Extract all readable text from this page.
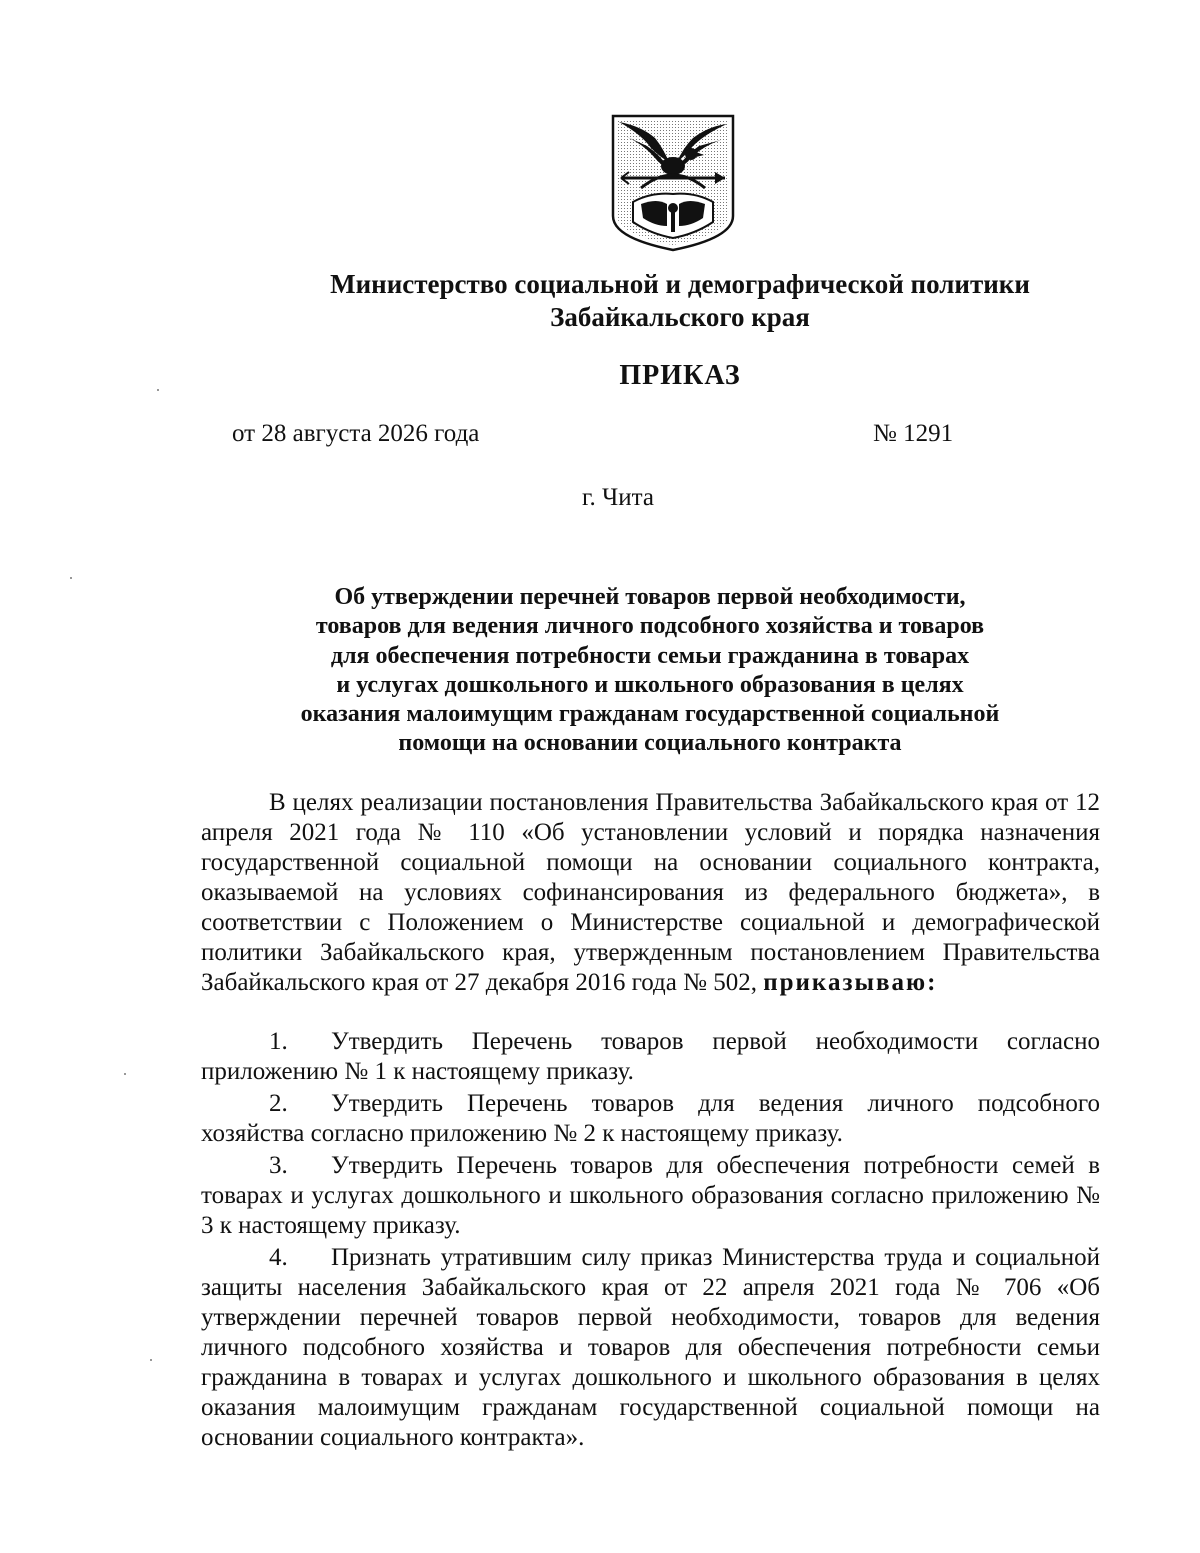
Министерство социальной и демографической политики
Забайкальского края
ПРИКАЗ
от 28 августа 2026 года	№ 1291
г. Чита
Об утверждении перечней товаров первой необходимости,
товаров для ведения личного подсобного хозяйства и товаров
для обеспечения потребности семьи гражданина в товарах
и услугах дошкольного и школьного образования в целях
оказания малоимущим гражданам государственной социальной
помощи на основании социального контракта

В целях реализации постановления Правительства Забайкальского края от 12 апреля 2021 года № 110 «Об установлении условий и порядка назначения государственной социальной помощи на основании социального контракта, оказываемой на условиях софинансирования из федерального бюджета», в соответствии с Положением о Министерстве социальной и демографической политики Забайкальского края, утвержденным постановлением Правительства Забайкальского края от 27 декабря 2016 года № 502, приказываю:

1. Утвердить Перечень товаров первой необходимости согласно приложению № 1 к настоящему приказу.

2. Утвердить Перечень товаров для ведения личного подсобного хозяйства согласно приложению № 2 к настоящему приказу.

3. Утвердить Перечень товаров для обеспечения потребности семей в товарах и услугах дошкольного и школьного образования согласно приложению № 3 к настоящему приказу.

4. Признать утратившим силу приказ Министерства труда и социальной защиты населения Забайкальского края от 22 апреля 2021 года № 706 «Об утверждении перечней товаров первой необходимости, товаров для ведения личного подсобного хозяйства и товаров для обеспечения потребности семьи гражданина в товарах и услугах дошкольного и школьного образования в целях оказания малоимущим гражданам государственной социальной помощи на основании социального контракта».
